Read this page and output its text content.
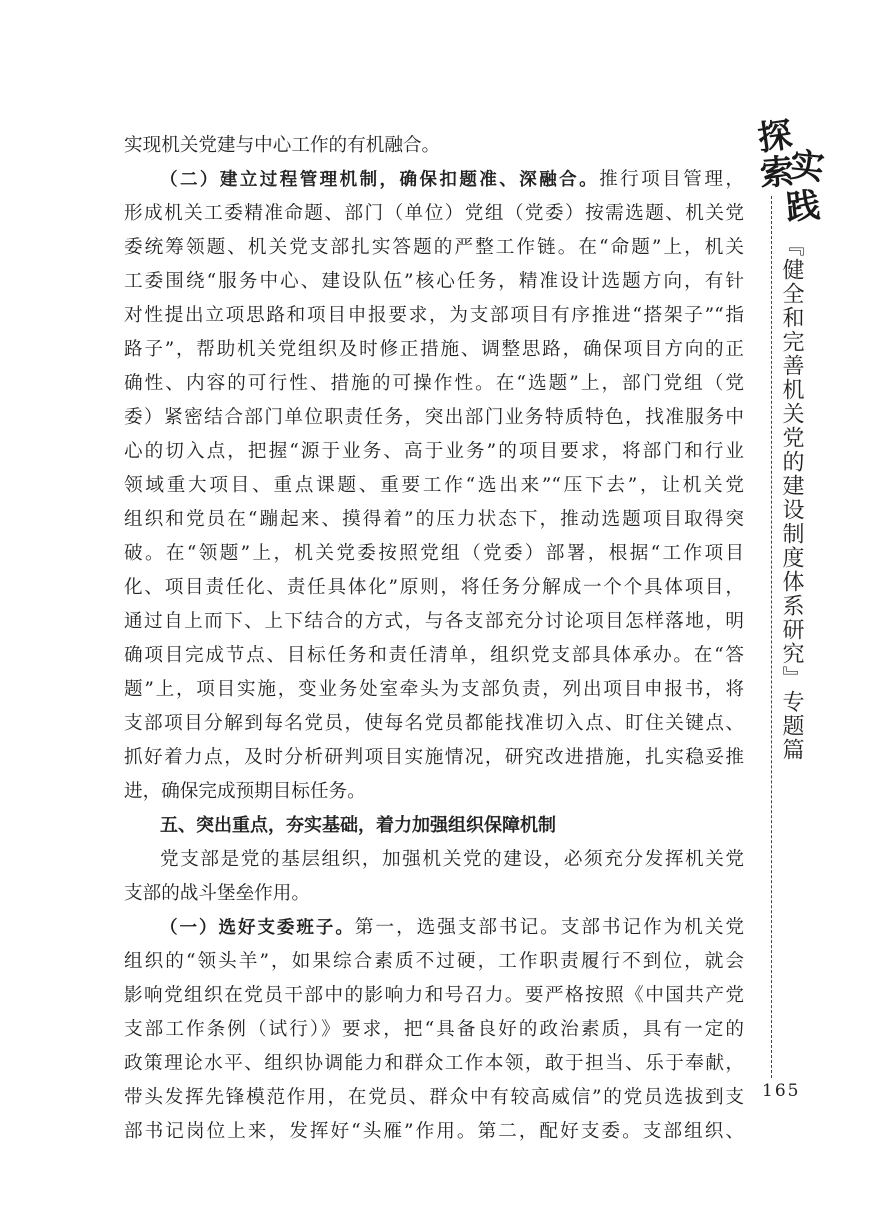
探
索
实
践
『健全和完善机关党的建设制度体系研究』专题篇
165
实现机关党建与中心工作的有机融合。
（二）建立过程管理机制，确保扣题准、深融合。推行项目管理，
形成机关工委精准命题、部门（单位）党组（党委）按需选题、机关党
委统筹领题、机关党支部扎实答题的严整工作链。在“命题”上，机关
工委围绕“服务中心、建设队伍”核心任务，精准设计选题方向，有针
对性提出立项思路和项目申报要求，为支部项目有序推进“搭架子”“指
路子”，帮助机关党组织及时修正措施、调整思路，确保项目方向的正
确性、内容的可行性、措施的可操作性。在“选题”上，部门党组（党
委）紧密结合部门单位职责任务，突出部门业务特质特色，找准服务中
心的切入点，把握“源于业务、高于业务”的项目要求，将部门和行业
领域重大项目、重点课题、重要工作“选出来”“压下去”，让机关党
组织和党员在“蹦起来、摸得着”的压力状态下，推动选题项目取得突
破。在“领题”上，机关党委按照党组（党委）部署，根据“工作项目
化、项目责任化、责任具体化”原则，将任务分解成一个个具体项目，
通过自上而下、上下结合的方式，与各支部充分讨论项目怎样落地，明
确项目完成节点、目标任务和责任清单，组织党支部具体承办。在“答
题”上，项目实施，变业务处室牵头为支部负责，列出项目申报书，将
支部项目分解到每名党员，使每名党员都能找准切入点、盯住关键点、
抓好着力点，及时分析研判项目实施情况，研究改进措施，扎实稳妥推
进，确保完成预期目标任务。
五、突出重点，夯实基础，着力加强组织保障机制
党支部是党的基层组织，加强机关党的建设，必须充分发挥机关党
支部的战斗堡垒作用。
（一）选好支委班子。第一，选强支部书记。支部书记作为机关党
组织的“领头羊”，如果综合素质不过硬，工作职责履行不到位，就会
影响党组织在党员干部中的影响力和号召力。要严格按照《中国共产党
支部工作条例（试行）》要求，把“具备良好的政治素质，具有一定的
政策理论水平、组织协调能力和群众工作本领，敢于担当、乐于奉献，
带头发挥先锋模范作用，在党员、群众中有较高威信”的党员选拔到支
部书记岗位上来，发挥好“头雁”作用。第二，配好支委。支部组织、
